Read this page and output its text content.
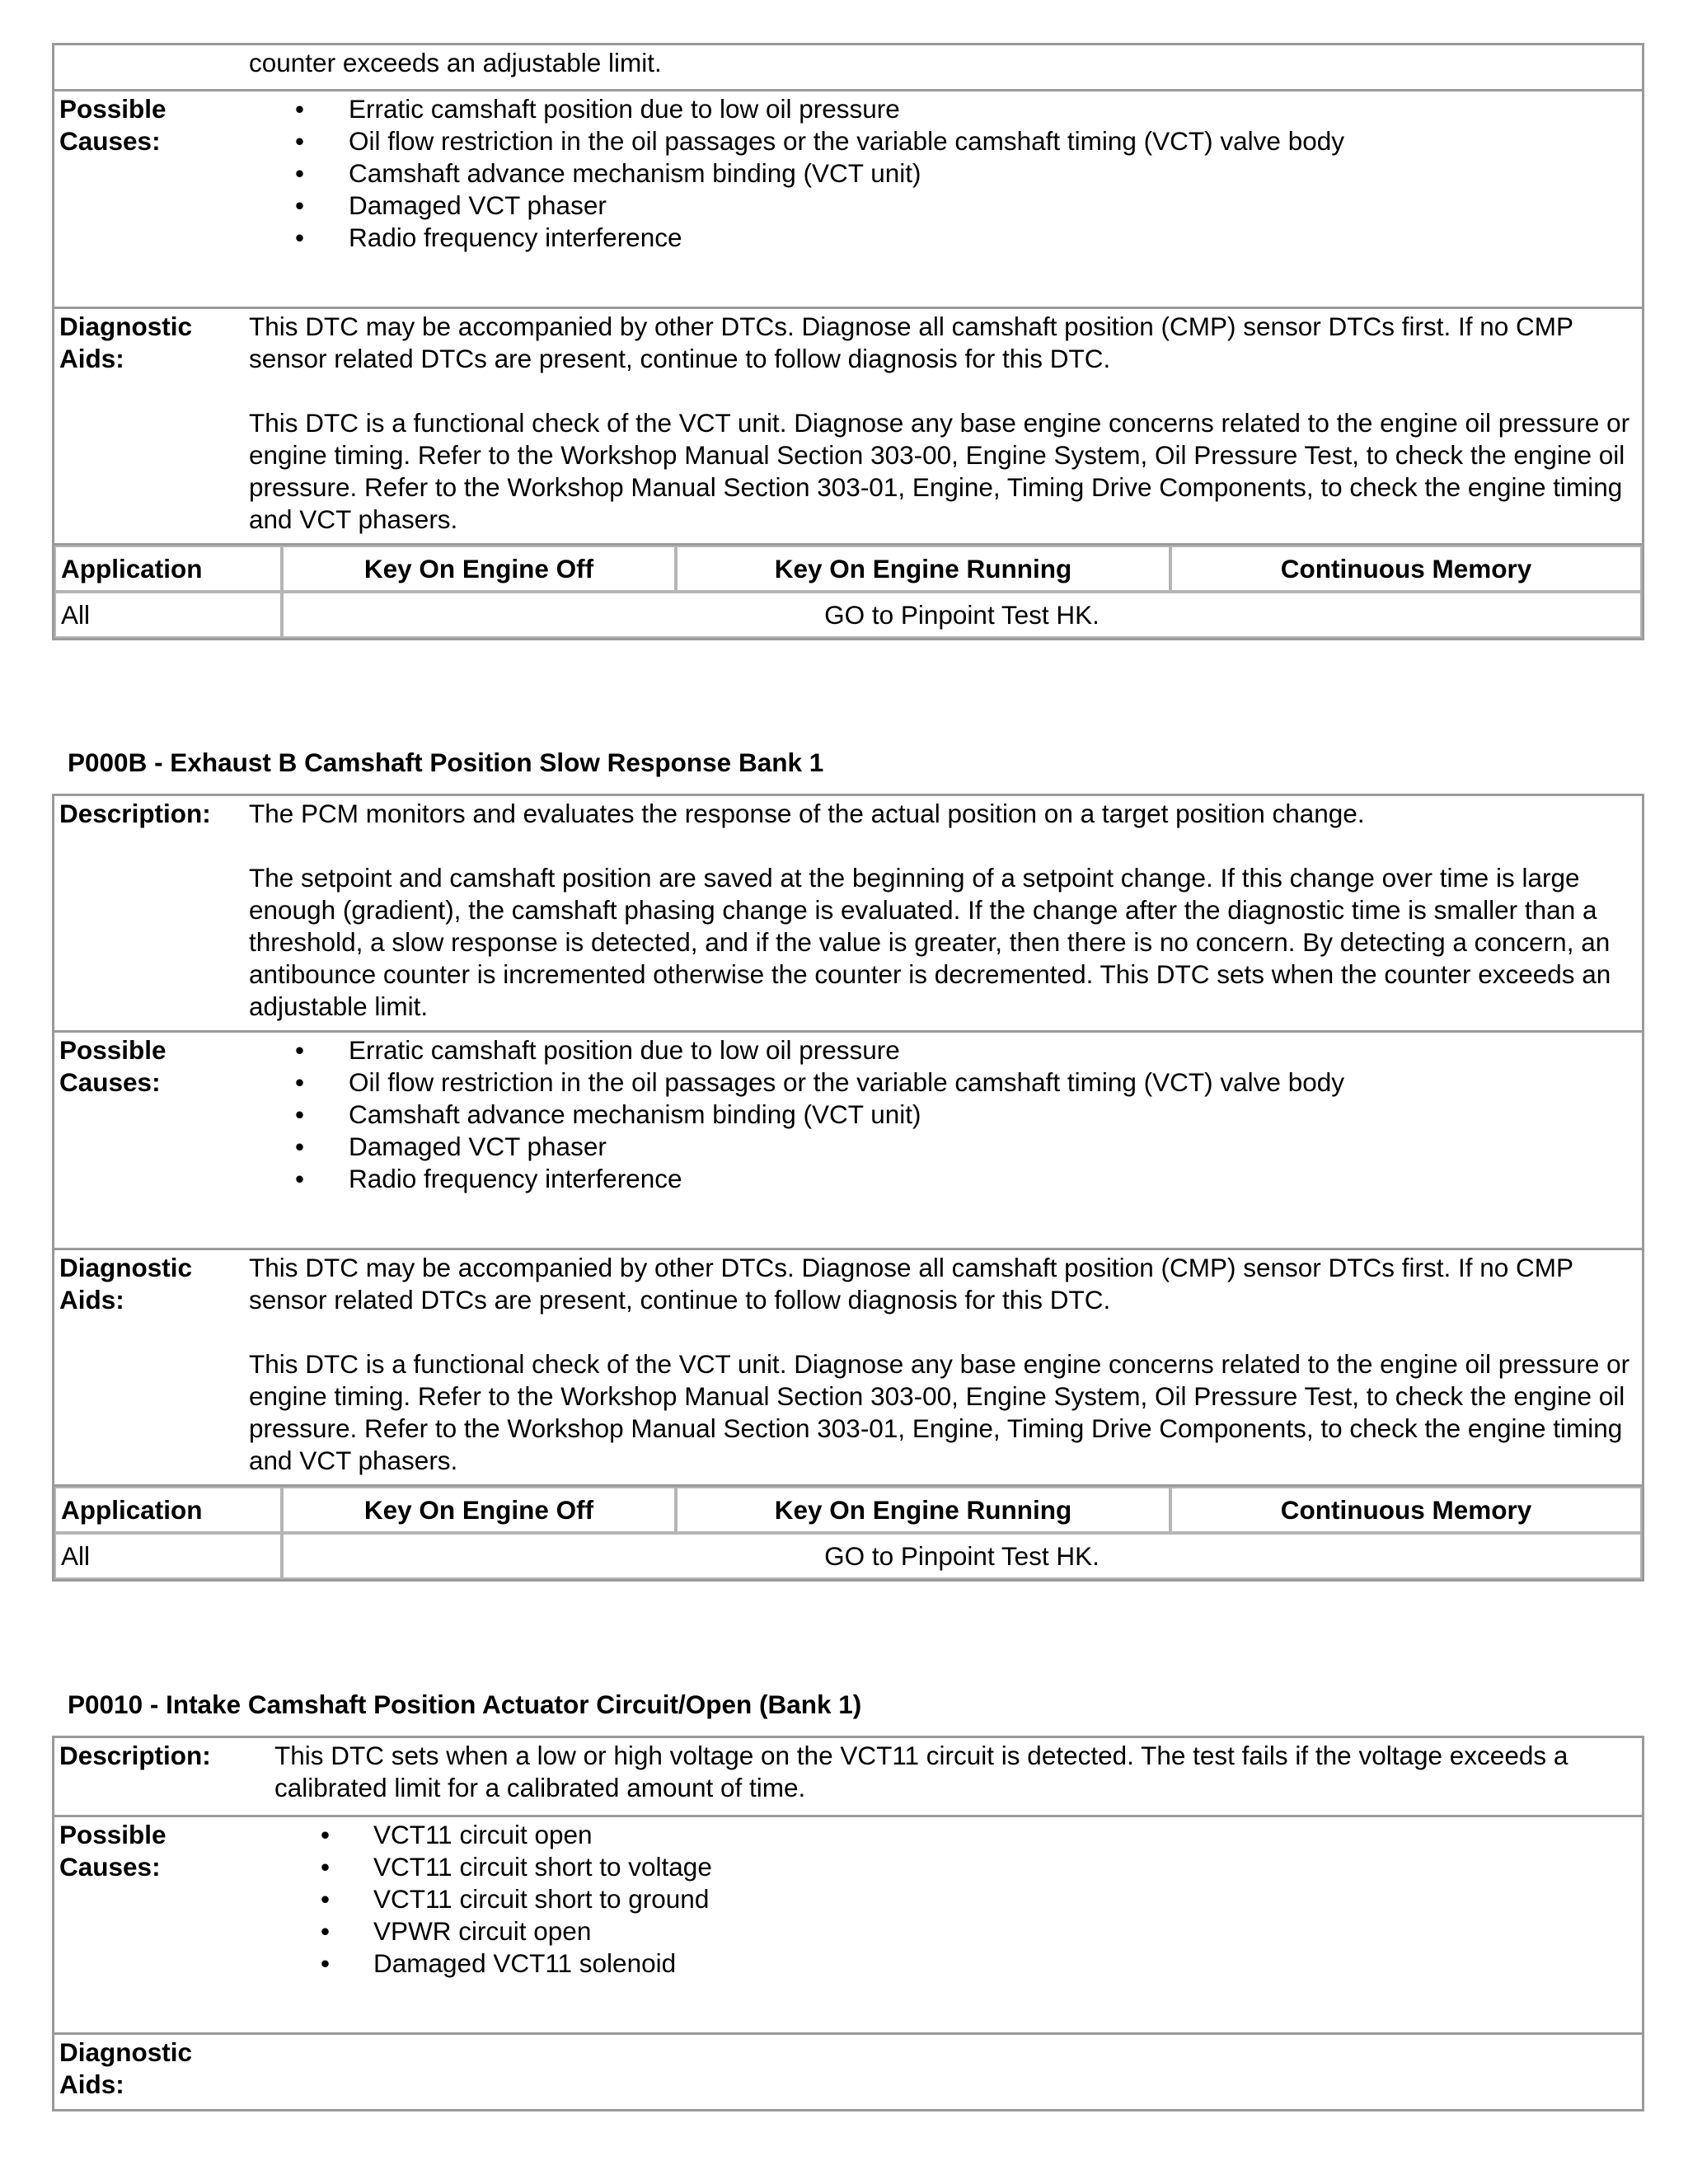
counter exceeds an adjustable limit.
Possible Causes:
• Erratic camshaft position due to low oil pressure
• Oil flow restriction in the oil passages or the variable camshaft timing (VCT) valve body
• Camshaft advance mechanism binding (VCT unit)
• Damaged VCT phaser
• Radio frequency interference
Diagnostic Aids:

This DTC may be accompanied by other DTCs. Diagnose all camshaft position (CMP) sensor DTCs first. If no CMP sensor related DTCs are present, continue to follow diagnosis for this DTC.

This DTC is a functional check of the VCT unit. Diagnose any base engine concerns related to the engine oil pressure or engine timing. Refer to the Workshop Manual Section 303-00, Engine System, Oil Pressure Test, to check the engine oil pressure. Refer to the Workshop Manual Section 303-01, Engine, Timing Drive Components, to check the engine timing and VCT phasers.

Application	Key On Engine Off	Key On Engine Running	Continuous Memory
All	GO to Pinpoint Test HK.
P000B - Exhaust B Camshaft Position Slow Response Bank 1
Description:	The PCM monitors and evaluates the response of the actual position on a target position change.

The setpoint and camshaft position are saved at the beginning of a setpoint change. If this change over time is large enough (gradient), the camshaft phasing change is evaluated. If the change after the diagnostic time is smaller than a threshold, a slow response is detected, and if the value is greater, then there is no concern. By detecting a concern, an antibounce counter is incremented otherwise the counter is decremented. This DTC sets when the counter exceeds an adjustable limit.

Possible Causes:
• Erratic camshaft position due to low oil pressure
• Oil flow restriction in the oil passages or the variable camshaft timing (VCT) valve body
• Camshaft advance mechanism binding (VCT unit)
• Damaged VCT phaser
• Radio frequency interference
Diagnostic Aids:

This DTC may be accompanied by other DTCs. Diagnose all camshaft position (CMP) sensor DTCs first. If no CMP sensor related DTCs are present, continue to follow diagnosis for this DTC.

This DTC is a functional check of the VCT unit. Diagnose any base engine concerns related to the engine oil pressure or engine timing. Refer to the Workshop Manual Section 303-00, Engine System, Oil Pressure Test, to check the engine oil pressure. Refer to the Workshop Manual Section 303-01, Engine, Timing Drive Components, to check the engine timing and VCT phasers.

Application	Key On Engine Off	Key On Engine Running	Continuous Memory
All	GO to Pinpoint Test HK.
P0010 - Intake Camshaft Position Actuator Circuit/Open (Bank 1)
Description:	This DTC sets when a low or high voltage on the VCT11 circuit is detected. The test fails if the voltage exceeds a calibrated limit for a calibrated amount of time.
Possible Causes:
• VCT11 circuit open
• VCT11 circuit short to voltage
• VCT11 circuit short to ground
• VPWR circuit open
• Damaged VCT11 solenoid
Diagnostic Aids:
